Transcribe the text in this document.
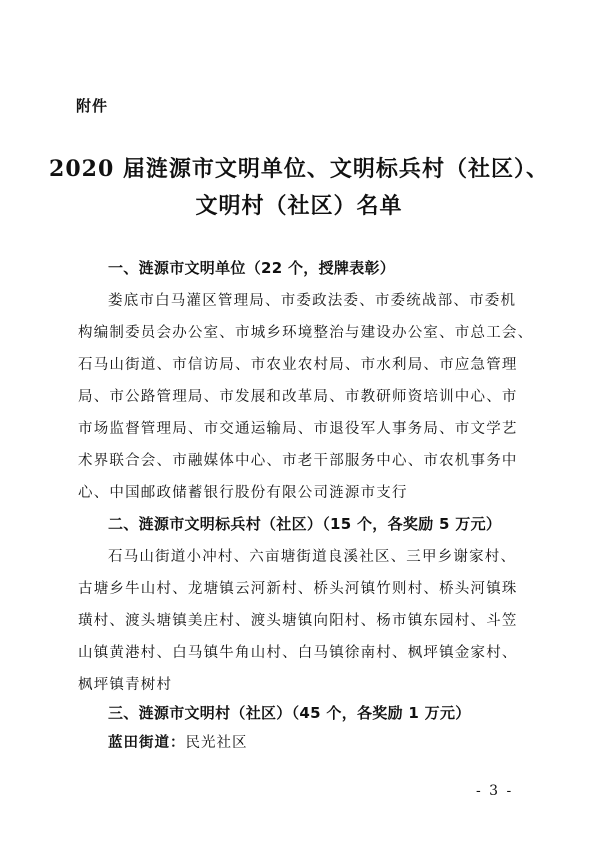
附件
2020 届涟源市文明单位、文明标兵村（社区）、
文明村（社区）名单
一、涟源市文明单位（22 个，授牌表彰）
娄底市白马灌区管理局、市委政法委、市委统战部、市委机
构编制委员会办公室、市城乡环境整治与建设办公室、市总工会、
石马山街道、市信访局、市农业农村局、市水利局、市应急管理
局、市公路管理局、市发展和改革局、市教研师资培训中心、市
市场监督管理局、市交通运输局、市退役军人事务局、市文学艺
术界联合会、市融媒体中心、市老干部服务中心、市农机事务中
心、中国邮政储蓄银行股份有限公司涟源市支行
二、涟源市文明标兵村（社区）（15 个，各奖励 5 万元）
石马山街道小冲村、六亩塘街道良溪社区、三甲乡谢家村、
古塘乡牛山村、龙塘镇云河新村、桥头河镇竹则村、桥头河镇珠
璜村、渡头塘镇美庄村、渡头塘镇向阳村、杨市镇东园村、斗笠
山镇黄港村、白马镇牛角山村、白马镇徐南村、枫坪镇金家村、
枫坪镇青树村
三、涟源市文明村（社区）（45 个，各奖励 1 万元）
蓝田街道：民光社区
- 3 -
